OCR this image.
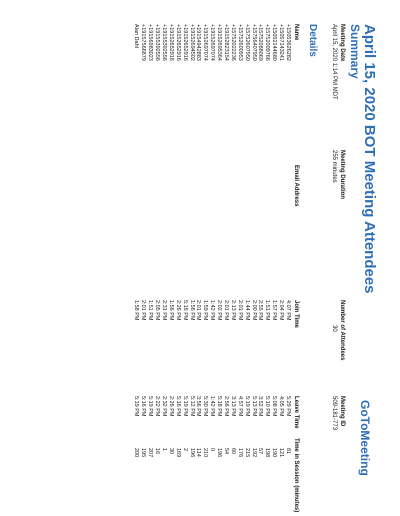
April 15, 2020 BOT Meeting Attendees
Summary
GoToMeeting
Meeting Date
April 15, 2020 1:14 PM MDT
Meeting Duration
255 minutes
Number of Attendees
30
Meeting ID
509-181-773
Details
Name
+15053626282
+15057143241
+15052144680
+15752009766
+15752088069
+15756407950
+15752607950
+15752600953
+15752022236
+19152823154
+19152695364
+19152697074
+19152697074
+19154942883
+19152694502
+19152652916
+19152652916
+19152652916
+19155392556
+19155392556
+19156983023
+19157566879
Alan Dahl
Email Address
Join Time
4:07 PM
2:04 PM
1:57 PM
1:51 PM
2:55 PM
2:00 PM
1:44 PM
2:01 PM
2:13 PM
2:01 PM
2:02 PM
1:42 PM
1:59 PM
2:01 PM
1:56 PM
5:16 PM
2:26 PM
1:56 PM
2:31 PM
2:05 PM
1:51 PM
2:01 PM
1:58 PM
Leave Time
5:29 PM
4:05 PM
5:08 PM
5:10 PM
3:52 PM
5:13 PM
5:19 PM
4:57 PM
3:13 PM
2:56 PM
5:18 PM
1:42 PM
5:30 PM
3:56 PM
5:12 PM
5:19 PM
5:16 PM
2:26 PM
2:32 PM
2:22 PM
5:19 PM
5:16 PM
5:19 PM
Time in Session (minutes)
81
121
190
198
57
192
215
176
60
54
196
0
210
114
196
2
169
30
1
16
207
195
200
